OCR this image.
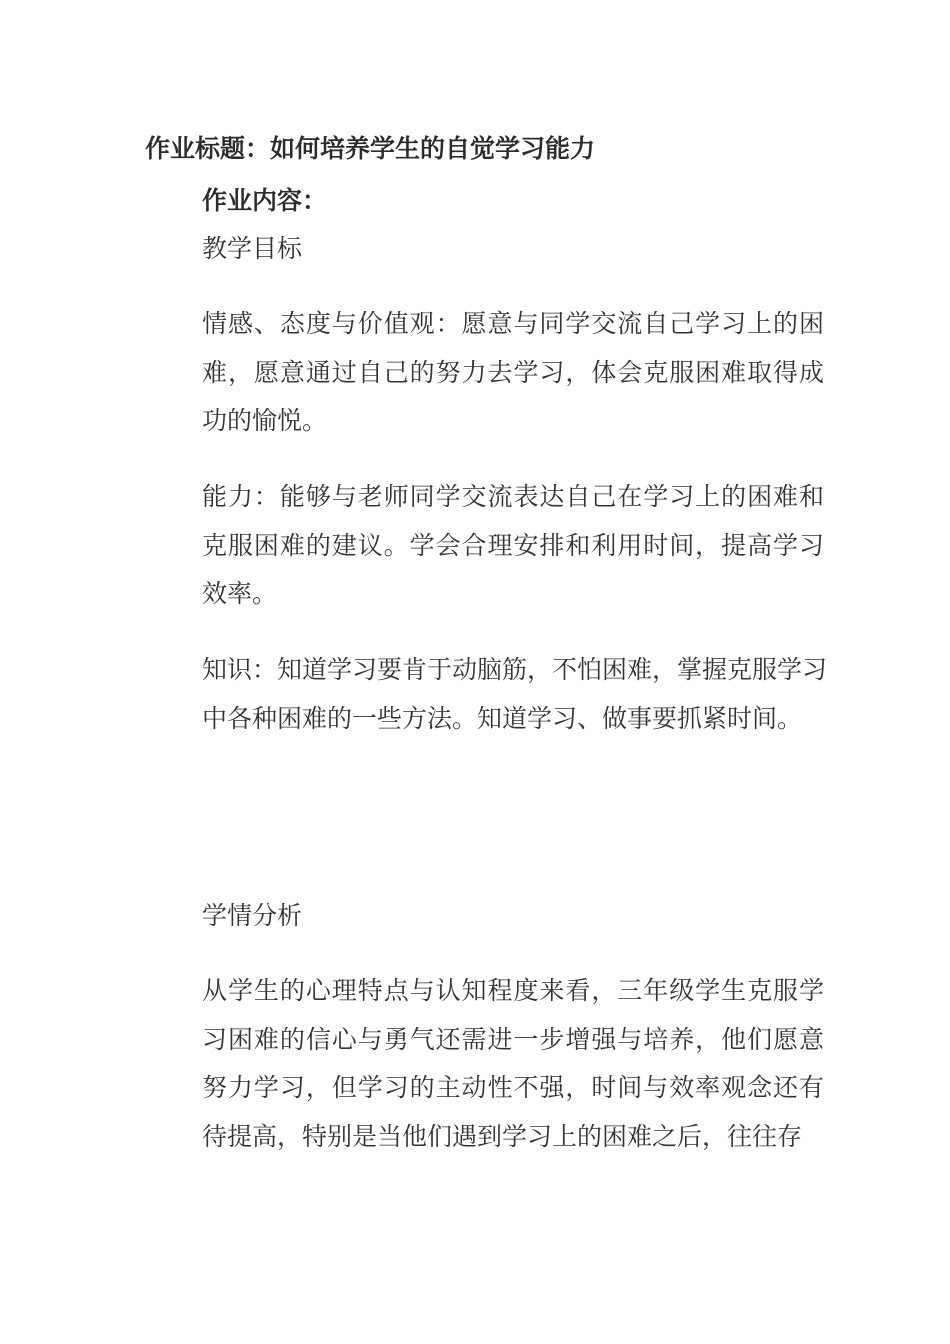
作业标题：如何培养学生的自觉学习能力
作业内容：
教学目标

情感、态度与价值观：愿意与同学交流自己学习上的困难，愿意通过自己的努力去学习，体会克服困难取得成功的愉悦。

能力：能够与老师同学交流表达自己在学习上的困难和克服困难的建议。学会合理安排和利用时间，提高学习效率。

知识：知道学习要肯于动脑筋，不怕困难，掌握克服学习中各种困难的一些方法。知道学习、做事要抓紧时间。

学情分析

从学生的心理特点与认知程度来看，三年级学生克服学习困难的信心与勇气还需进一步增强与培养，他们愿意努力学习，但学习的主动性不强，时间与效率观念还有待提高，特别是当他们遇到学习上的困难之后，往往存
